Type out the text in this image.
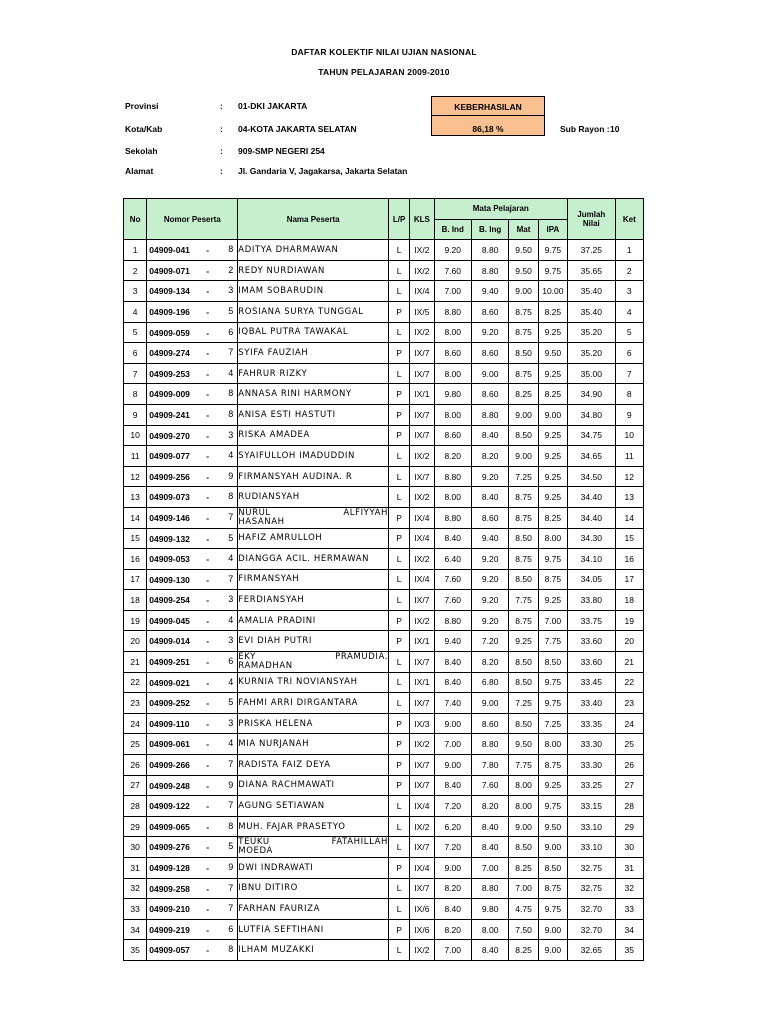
DAFTAR KOLEKTIF NILAI UJIAN NASIONAL
TAHUN PELAJARAN 2009-2010
Provinsi	: 01-DKI JAKARTA
Kota/Kab	: 04-KOTA JAKARTA SELATAN
Sekolah	: 909-SMP NEGERI 254
Alamat	: Jl. Gandaria V, Jagakarsa, Jakarta Selatan
KEBERHASILAN
86,18 %	Sub Rayon : 10
No	Nomor Peserta	Nama Peserta	L/P	KLS	Mata Pelajaran				Jumlah
Nilai	Ket
					B. Ind	B. Ing	Mat	IPA		
1	04909-041 - 8	ADITYA DHARMAWAN	L	IX/2	9.20	8.80	9.50	9.75	37.25	1
2	04909-071 - 2	REDY NURDIAWAN	L	IX/2	7.60	8.80	9.50	9.75	35.65	2
3	04909-134 - 3	IMAM SOBARUDIN	L	IX/4	7.00	9.40	9.00	10.00	35.40	3
4	04909-196 - 5	ROSIANA SURYA TUNGGAL	P	IX/5	8.80	8.60	8.75	8.25	35.40	4
5	04909-059 - 6	IQBAL PUTRA TAWAKAL	L	IX/2	8.00	9.20	8.75	9.25	35.20	5
6	04909-274 - 7	SYIFA FAUZIAH	P	IX/7	8.60	8.60	8.50	9.50	35.20	6
7	04909-253 - 4	FAHRUR RIZKY	L	IX/7	8.00	9.00	8.75	9.25	35.00	7
8	04909-009 - 8	ANNASA RINI HARMONY	P	IX/1	9.80	8.60	8.25	8.25	34.90	8
9	04909-241 - 8	ANISA ESTI HASTUTI	P	IX/7	8.00	8.80	9.00	9.00	34.80	9
10	04909-270 - 3	RISKA AMADEA	P	IX/7	8.60	8.40	8.50	9.25	34.75	10
11	04909-077 - 4	SYAIFULLOH IMADUDDIN	L	IX/2	8.20	8.20	9.00	9.25	34.65	11
12	04909-256 - 9	FIRMANSYAH AUDINA. R	L	IX/7	8.80	9.20	7.25	9.25	34.50	12
13	04909-073 - 8	RUDIANSYAH	L	IX/2	8.00	8.40	8.75	9.25	34.40	13
14	04909-146 - 7	NURUL ALFIYYAH
HASANAH	P	IX/4	8.80	8.60	8.75	8.25	34.40	14
15	04909-132 - 5	HAFIZ AMRULLOH	P	IX/4	8.40	9.40	8.50	8.00	34.30	15
16	04909-053 - 4	DIANGGA ACIL. HERMAWAN	L	IX/2	6.40	9.20	8.75	9.75	34.10	16
17	04909-130 - 7	FIRMANSYAH	L	IX/4	7.60	9.20	8.50	8.75	34.05	17
18	04909-254 - 3	FERDIANSYAH	L	IX/7	7.60	9.20	7.75	9.25	33.80	18
19	04909-045 - 4	AMALIA PRADINI	P	IX/2	8.80	9.20	8.75	7.00	33.75	19
20	04909-014 - 3	EVI DIAH PUTRI	P	IX/1	9.40	7.20	9.25	7.75	33.60	20
21	04909-251 - 6	EKY PRAMUDIA.
RAMADHAN	L	IX/7	8.40	8.20	8.50	8.50	33.60	21
22	04909-021 - 4	KURNIA TRI NOVIANSYAH	L	IX/1	8.40	6.80	8.50	9.75	33.45	22
23	04909-252 - 5	FAHMI ARRI DIRGANTARA	L	IX/7	7.40	9.00	7.25	9.75	33.40	23
24	04909-110 - 3	PRISKA HELENA	P	IX/3	9.00	8.60	8.50	7.25	33.35	24
25	04909-061 - 4	MIA NURJANAH	P	IX/2	7.00	8.80	9.50	8.00	33.30	25
26	04909-266 - 7	RADISTA FAIZ DEYA	P	IX/7	9.00	7.80	7.75	8.75	33.30	26
27	04909-248 - 9	DIANA RACHMAWATI	P	IX/7	8.40	7.60	8.00	9.25	33.25	27
28	04909-122 - 7	AGUNG SETIAWAN	L	IX/4	7.20	8.20	8.00	9.75	33.15	28
29	04909-065 - 8	MUH. FAJAR PRASETYO	L	IX/2	6.20	8.40	9.00	9.50	33.10	29
30	04909-276 - 5	TEUKU FATAHILLAH
MOEDA	L	IX/7	7.20	8.40	8.50	9.00	33.10	30
31	04909-128 - 9	DWI INDRAWATI	P	IX/4	9.00	7.00	8.25	8.50	32.75	31
32	04909-258 - 7	IBNU DITIRO	L	IX/7	8.20	8.80	7.00	8.75	32.75	32
33	04909-210 - 7	FARHAN FAURIZA	L	IX/6	8.40	9.80	4.75	9.75	32.70	33
34	04909-219 - 6	LUTFIA SEFTIHANI	P	IX/6	8.20	8.00	7.50	9.00	32.70	34
35	04909-057 - 8	ILHAM MUZAKKI	L	IX/2	7.00	8.40	8.25	9.00	32.65	35
